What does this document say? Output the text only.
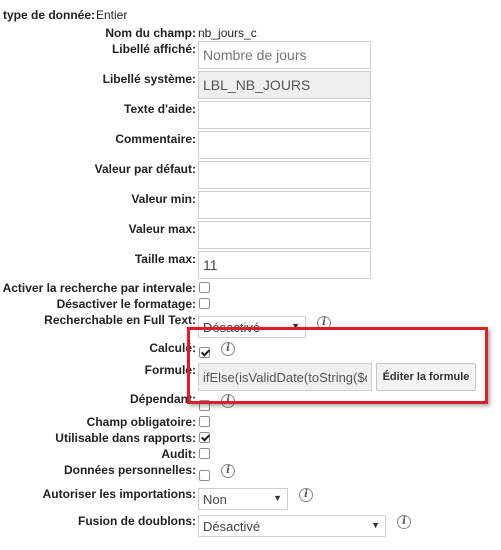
type de donnée: Entier
Nom du champ: nb_jours_c
Libellé affiché:
Nombre de jours
Libellé système:
LBL_NB_JOURS
Texte d'aide:
Commentaire:
Valeur par défaut:
Valeur min:
Valeur max:
Taille max:
11
Activer la recherche par intervale:
Désactiver le formatage:
Recherchable en Full Text: Désactivé	▼	i
Calculé:	i
Formule:
ifElse(isValidDate(toString($d	Éditer la formule
Dépendant:	i
Champ obligatoire:
Utilisable dans rapports:
Audit:
Données personnelles:	i
Autoriser les importations: Non	▼	i
Fusion de doublons: Désactivé	▼	i
